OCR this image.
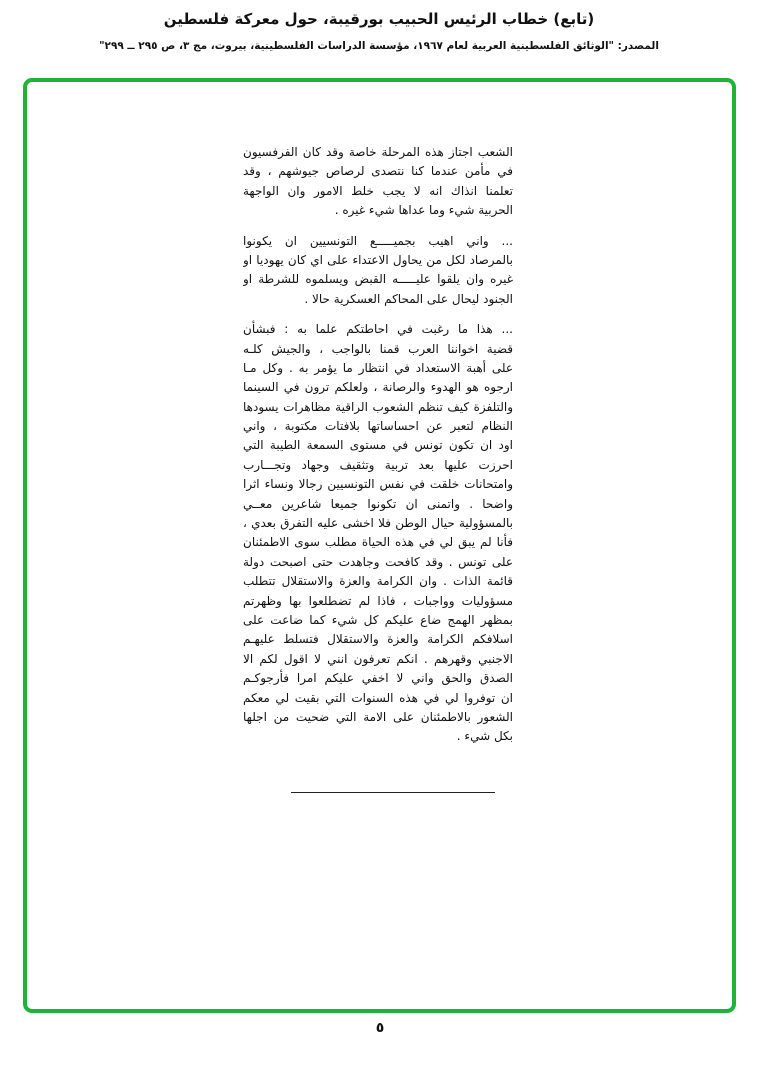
(تابع) خطاب الرئيس الحبيب بورقيبة، حول معركة فلسطين
المصدر: "الوثائق الفلسطينية العربية لعام ١٩٦٧، مؤسسة الدراسات الفلسطينية، بيروت، مج ٣، ص ٢٩٥ ــ ٢٩٩"
الشعب اجتاز هذه المرحلة خاصة وقد كان الفرفسيون
في مأمن عندما كنا نتصدى لرصاص جيوشهم ، وقد
تعلمنا انذاك انه لا يجب خلط الامور وان الواجهة
الحربية شيء وما عداها شيء غيره .
... واني اهيب بجميـــــع التونسيين ان يكونوا
بالمرصاد لكل من يحاول الاعتداء على اي كان يهوديا او
غيره وان يلقوا عليـــــه القبض ويسلموه للشرطة او
الجنود ليحال على المحاكم العسكرية حالا .
... هذا ما رغبت في احاطتكم علما به : فبشأن
قضية اخواننا العرب قمنا بالواجب ، والجيش كلـه
على أهبة الاستعداد في انتظار ما يؤمر به . وكل مـا
ارجوه هو الهدوء والرصانة ، ولعلكم ترون في السينما
والتلفزة كيف تنظم الشعوب الراقية مظاهرات يسودها
النظام لتعبر عن احساساتها بلافتات مكتوبة ، واني
اود ان تكون تونس في مستوى السمعة الطيبة التي
احرزت عليها بعد تربية وتثقيف وجهاد وتجـــارب
وامتحانات خلقت في نفس التونسيين رجالا ونساء اثرا
واضحا . واتمنى ان تكونوا جميعا شاعرين معــي
بالمسؤولية حيال الوطن فلا اخشى عليه التفرق بعدي ،
فأنا لم يبق لي في هذه الحياة مطلب سوى الاطمئنان
على تونس . وقد كافحت وجاهدت حتى اصبحت دولة
قائمة الذات . وان الكرامة والعزة والاستقلال تتطلب
مسؤوليات وواجبات ، فاذا لم تضطلعوا بها وظهرتم
بمظهر الهمج ضاع عليكم كل شيء كما ضاعت على
اسلافكم الكرامة والعزة والاستقلال فتسلط عليهـم
الاجنبي وقهرهم . انكم تعرفون انني لا اقول لكم الا
الصدق والحق واني لا اخفي عليكم امرا فأرجوكـم
ان توفروا لي في هذه السنوات التي بقيت لي معكم
الشعور بالاطمئنان على الامة التي ضحيت من اجلها
بكل شيء .
٥
